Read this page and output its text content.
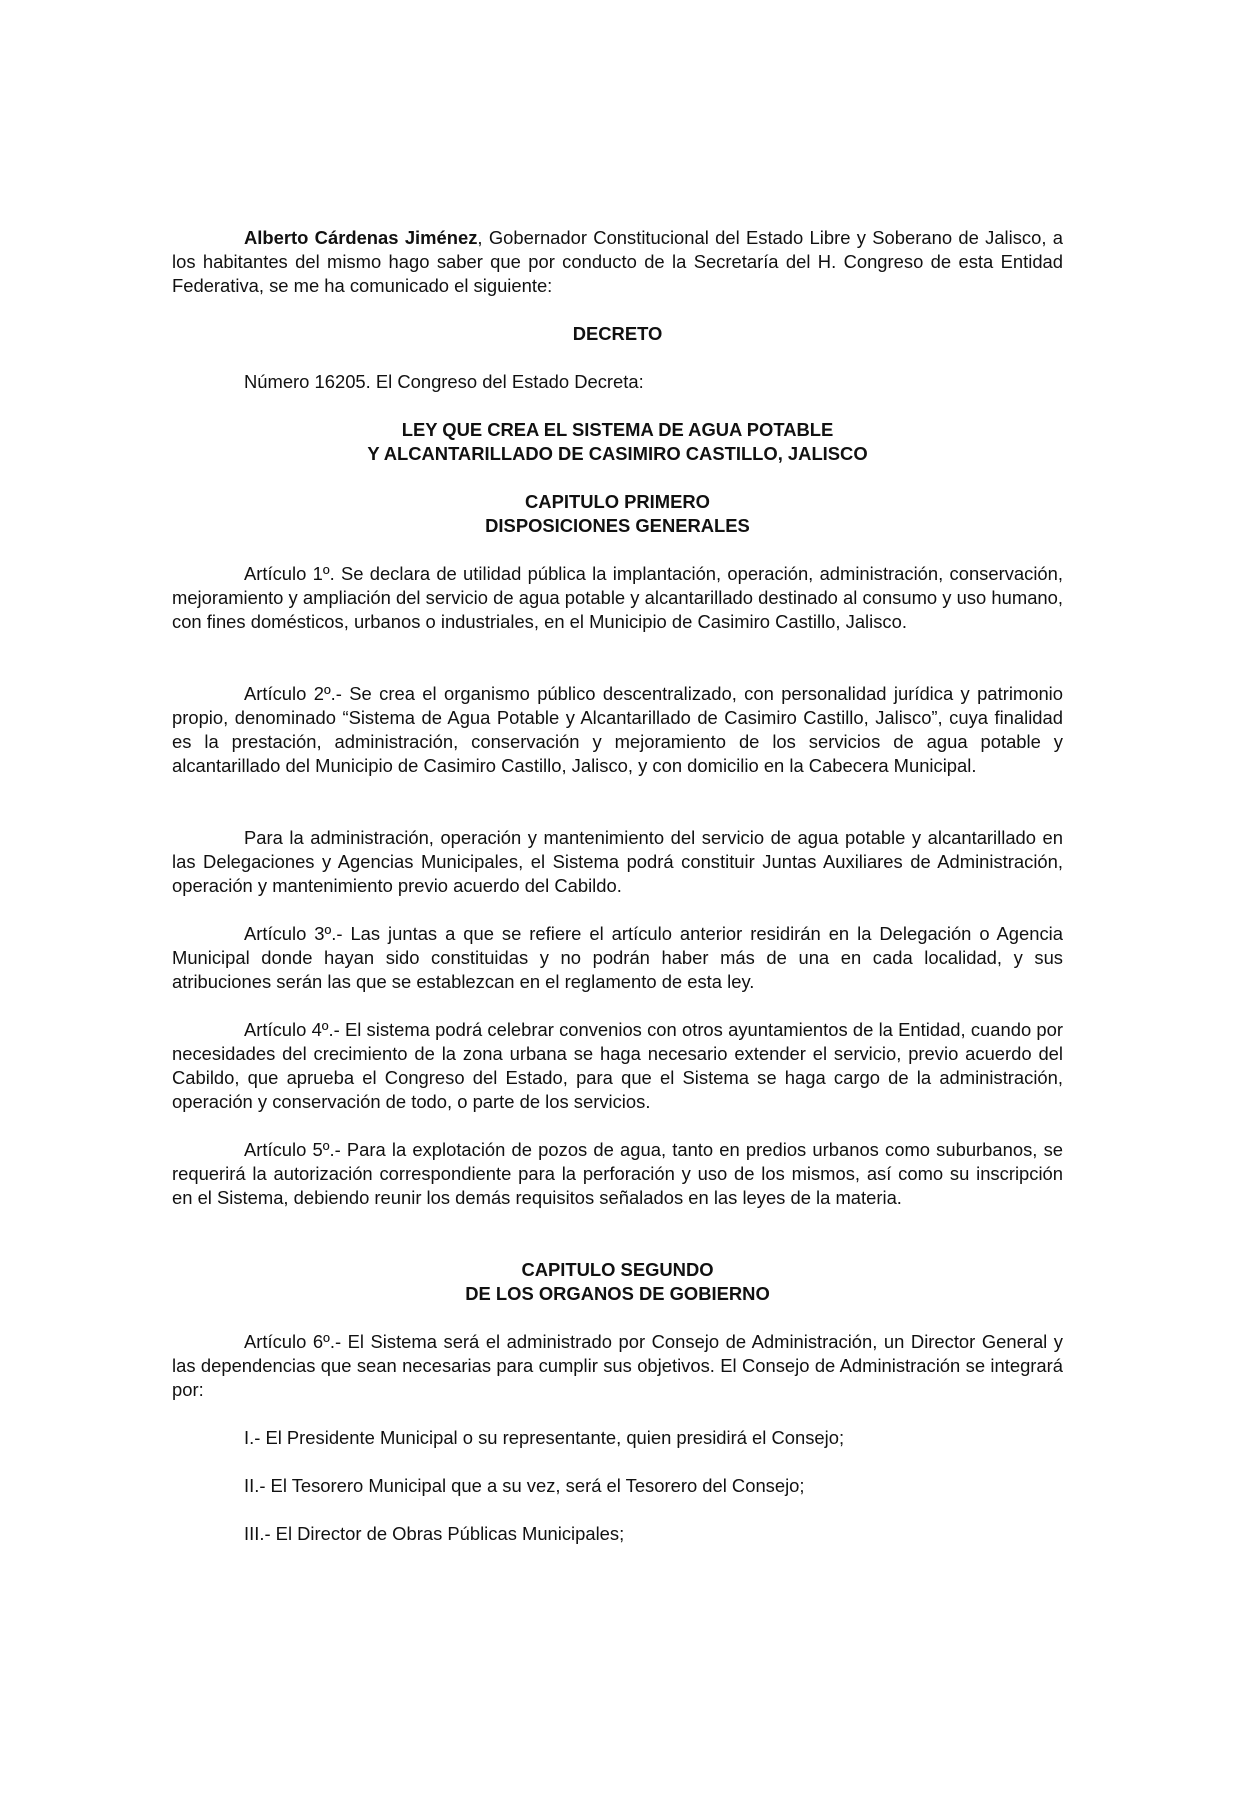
Alberto Cárdenas Jiménez, Gobernador Constitucional del Estado Libre y Soberano de Jalisco, a los habitantes del mismo hago saber que por conducto de la Secretaría del H. Congreso de esta Entidad Federativa, se me ha comunicado el siguiente:

DECRETO

Número 16205. El Congreso del Estado Decreta:

LEY QUE CREA EL SISTEMA DE AGUA POTABLE

Y ALCANTARILLADO DE CASIMIRO CASTILLO, JALISCO

CAPITULO PRIMERO

DISPOSICIONES GENERALES

Artículo 1º. Se declara de utilidad pública la implantación, operación, administración, conservación, mejoramiento y ampliación del servicio de agua potable y alcantarillado destinado al consumo y uso humano, con fines domésticos, urbanos o industriales, en el Municipio de Casimiro Castillo, Jalisco.

Artículo 2º.- Se crea el organismo público descentralizado, con personalidad jurídica y patrimonio propio, denominado “Sistema de Agua Potable y Alcantarillado de Casimiro Castillo, Jalisco”, cuya finalidad es la prestación, administración, conservación y mejoramiento de los servicios de agua potable y alcantarillado del Municipio de Casimiro Castillo, Jalisco, y con domicilio en la Cabecera Municipal.

Para la administración, operación y mantenimiento del servicio de agua potable y alcantarillado en las Delegaciones y Agencias Municipales, el Sistema podrá constituir Juntas Auxiliares de Administración, operación y mantenimiento previo acuerdo del Cabildo.

Artículo 3º.- Las juntas a que se refiere el artículo anterior residirán en la Delegación o Agencia Municipal donde hayan sido constituidas y no podrán haber más de una en cada localidad, y sus atribuciones serán las que se establezcan en el reglamento de esta ley.

Artículo 4º.- El sistema podrá celebrar convenios con otros ayuntamientos de la Entidad, cuando por necesidades del crecimiento de la zona urbana se haga necesario extender el servicio, previo acuerdo del Cabildo, que aprueba el Congreso del Estado, para que el Sistema se haga cargo de la administración, operación y conservación de todo, o parte de los servicios.

Artículo 5º.- Para la explotación de pozos de agua, tanto en predios urbanos como suburbanos, se requerirá la autorización correspondiente para la perforación y uso de los mismos, así como su inscripción en el Sistema, debiendo reunir los demás requisitos señalados en las leyes de la materia.

CAPITULO SEGUNDO

DE LOS ORGANOS DE GOBIERNO

Artículo 6º.- El Sistema será el administrado por Consejo de Administración, un Director General y las dependencias que sean necesarias para cumplir sus objetivos. El Consejo de Administración se integrará por:

I.- El Presidente Municipal o su representante, quien presidirá el Consejo;

II.- El Tesorero Municipal que a su vez, será el Tesorero del Consejo;

III.- El Director de Obras Públicas Municipales;
